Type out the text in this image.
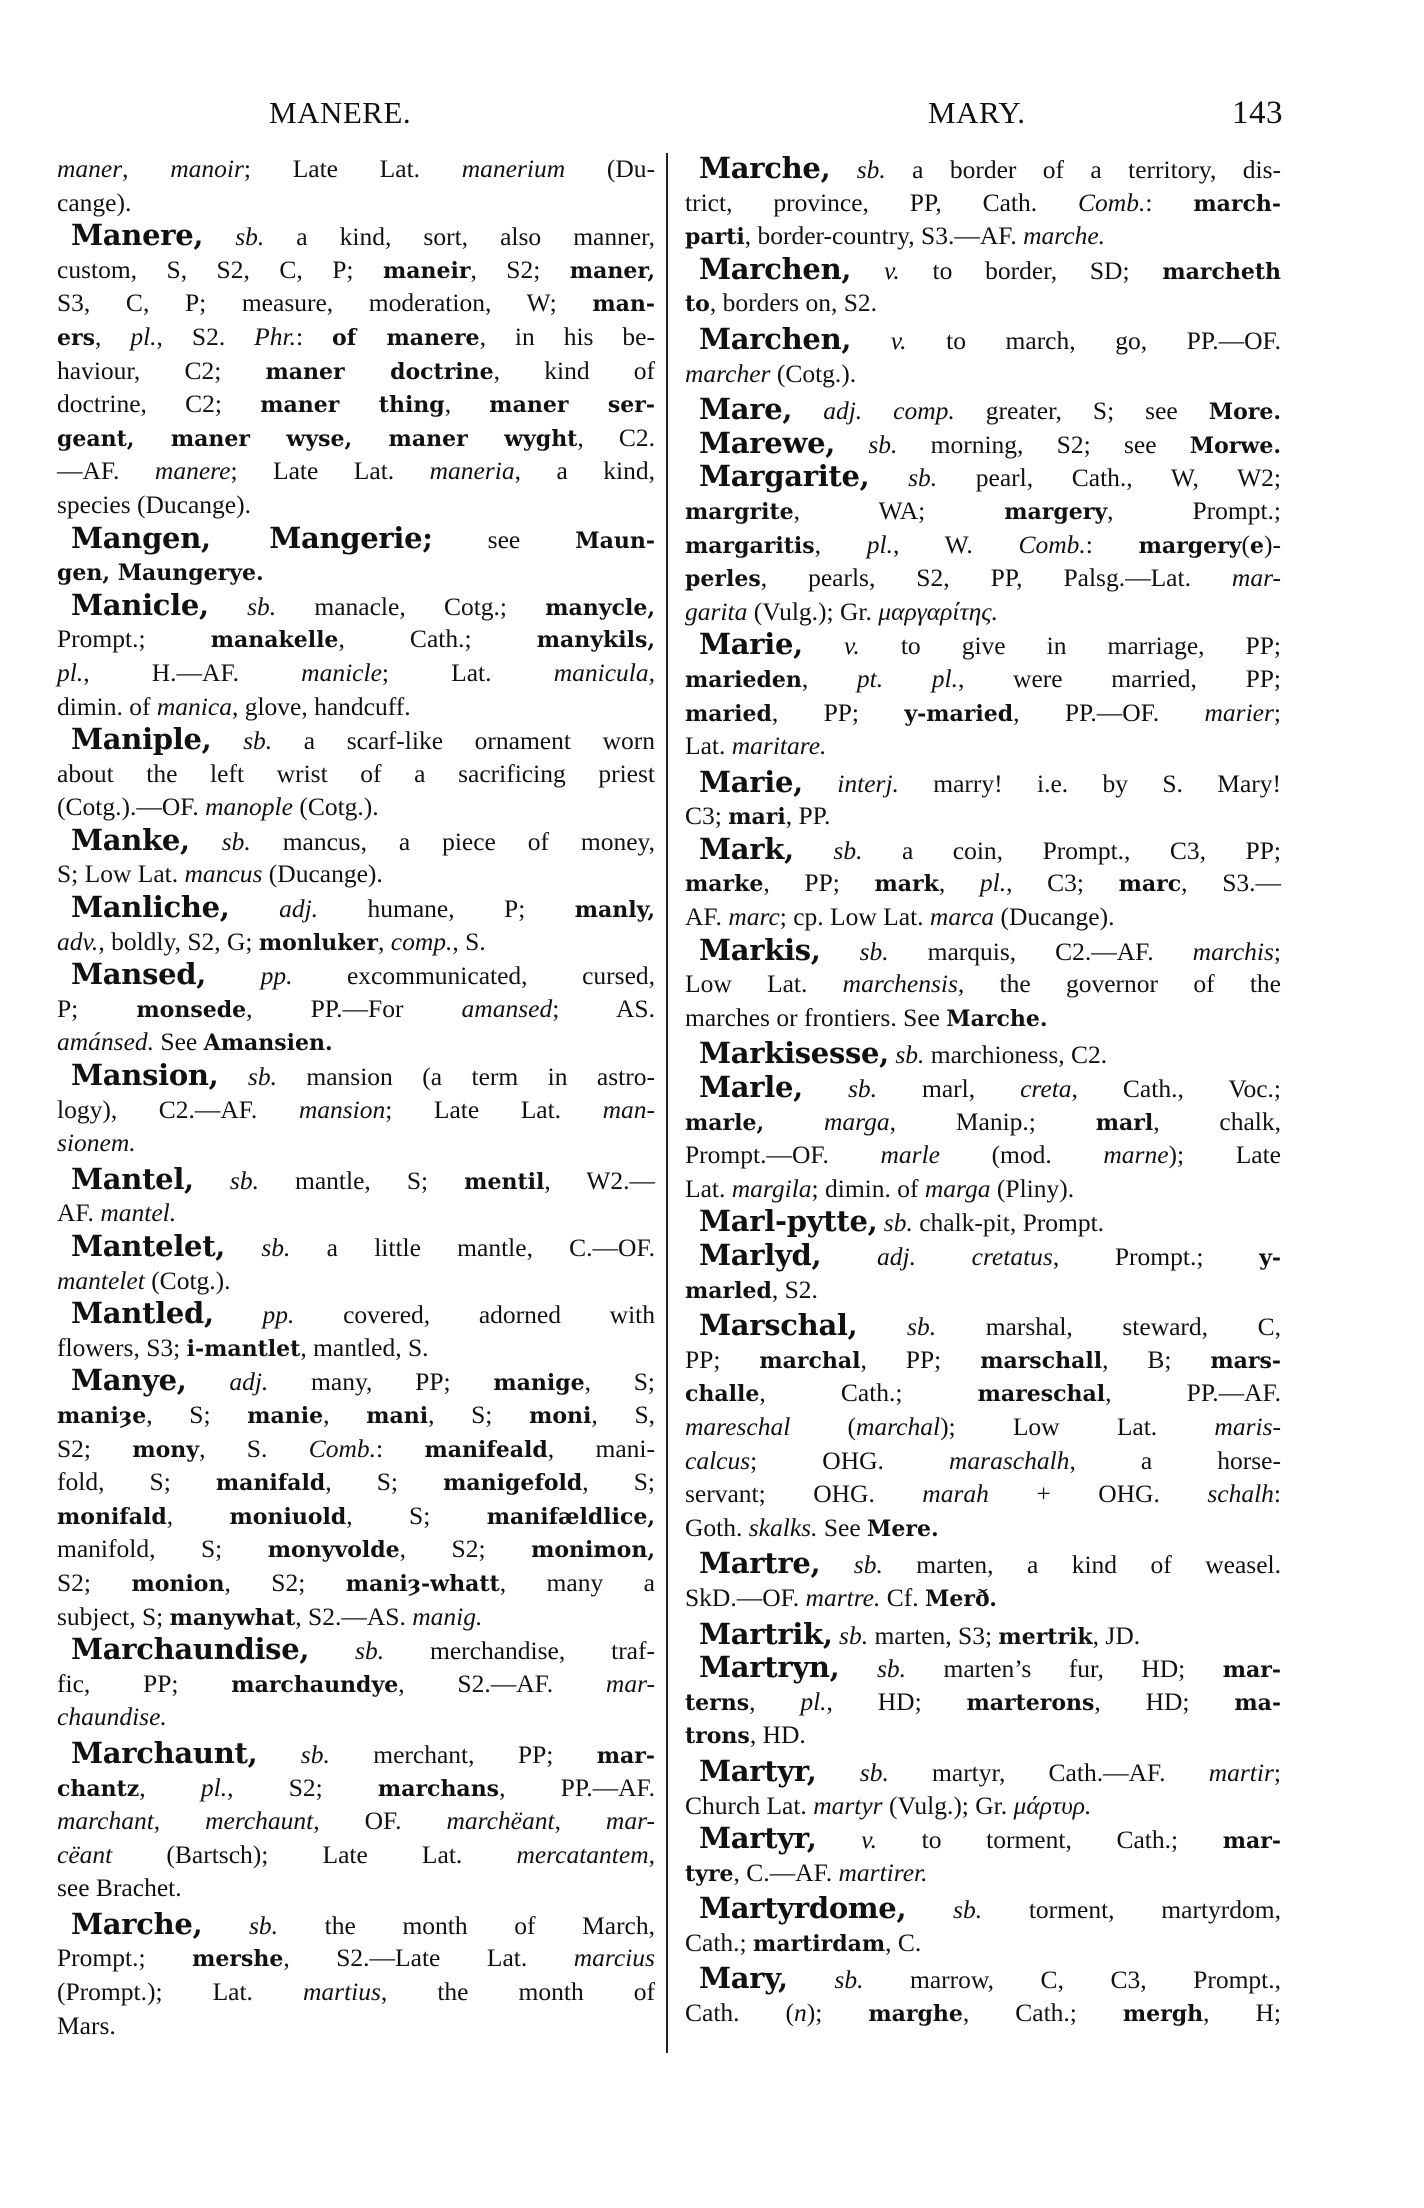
MANERE.	MARY.	143
maner, manoir; Late Lat. manerium (Du-
cange).
Manere, sb. a kind, sort, also manner,
custom, S, S2, C, P; maneir, S2; maner,
S3, C, P; measure, moderation, W; man-
ers, pl., S2. Phr.: of manere, in his be-
haviour, C2; maner doctrine, kind of
doctrine, C2; maner thing, maner ser-
geant, maner wyse, maner wyght, C2.
—AF. manere; Late Lat. maneria, a kind,
species (Ducange).
Mangen, Mangerie; see Maun-
gen, Maungerye.
Manicle, sb. manacle, Cotg.; manycle,
Prompt.; manakelle, Cath.; manykils,
pl., H.—AF. manicle; Lat. manicula,
dimin. of manica, glove, handcuff.
Maniple, sb. a scarf-like ornament worn
about the left wrist of a sacrificing priest
(Cotg.).—OF. manople (Cotg.).
Manke, sb. mancus, a piece of money,
S; Low Lat. mancus (Ducange).
Manliche, adj. humane, P; manly,
adv., boldly, S2, G; monluker, comp., S.
Mansed, pp. excommunicated, cursed,
P; monsede, PP.—For amansed; AS.
amánsed. See Amansien.
Mansion, sb. mansion (a term in astro-
logy), C2.—AF. mansion; Late Lat. man-
sionem.
Mantel, sb. mantle, S; mentil, W2.—
AF. mantel.
Mantelet, sb. a little mantle, C.—OF.
mantelet (Cotg.).
Mantled, pp. covered, adorned with
flowers, S3; i-mantlet, mantled, S.
Manye, adj. many, PP; manige, S;
maniȝe, S; manie, mani, S; moni, S,
S2; mony, S. Comb.: manifeald, mani-
fold, S; manifald, S; manigefold, S;
monifald, moniuold, S; manifældlice,
manifold, S; monyvolde, S2; monimon,
S2; monion, S2; maniȝ-whatt, many a
subject, S; manywhat, S2.—AS. manig.
Marchaundise, sb. merchandise, traf-
fic, PP; marchaundye, S2.—AF. mar-
chaundise.
Marchaunt, sb. merchant, PP; mar-
chantz, pl., S2; marchans, PP.—AF.
marchant, merchaunt, OF. marchëant, mar-
cëant (Bartsch); Late Lat. mercatantem,
see Brachet.
Marche, sb. the month of March,
Prompt.; mershe, S2.—Late Lat. marcius
(Prompt.); Lat. martius, the month of
Mars.
Marche, sb. a border of a territory, dis-
trict, province, PP, Cath. Comb.: march-
parti, border-country, S3.—AF. marche.
Marchen, v. to border, SD; marcheth
to, borders on, S2.
Marchen, v. to march, go, PP.—OF.
marcher (Cotg.).
Mare, adj. comp. greater, S; see More.
Marewe, sb. morning, S2; see Morwe.
Margarite, sb. pearl, Cath., W, W2;
margrite, WA; margery, Prompt.;
margaritis, pl., W. Comb.: margery(e)-
perles, pearls, S2, PP, Palsg.—Lat. mar-
garita (Vulg.); Gr. μαργαρίτης.
Marie, v. to give in marriage, PP;
marieden, pt. pl., were married, PP;
maried, PP; y-maried, PP.—OF. marier;
Lat. maritare.
Marie, interj. marry! i.e. by S. Mary!
C3; mari, PP.
Mark, sb. a coin, Prompt., C3, PP;
marke, PP; mark, pl., C3; marc, S3.—
AF. marc; cp. Low Lat. marca (Ducange).
Markis, sb. marquis, C2.—AF. marchis;
Low Lat. marchensis, the governor of the
marches or frontiers. See Marche.
Markisesse, sb. marchioness, C2.
Marle, sb. marl, creta, Cath., Voc.;
marle, marga, Manip.; marl, chalk,
Prompt.—OF. marle (mod. marne); Late
Lat. margila; dimin. of marga (Pliny).
Marl-pytte, sb. chalk-pit, Prompt.
Marlyd, adj. cretatus, Prompt.; y-
marled, S2.
Marschal, sb. marshal, steward, C,
PP; marchal, PP; marschall, B; mars-
challe, Cath.; mareschal, PP.—AF.
mareschal (marchal); Low Lat. maris-
calcus; OHG. maraschalh, a horse-
servant; OHG. marah + OHG. schalh:
Goth. skalks. See Mere.
Martre, sb. marten, a kind of weasel.
SkD.—OF. martre. Cf. Merð.
Martrik, sb. marten, S3; mertrik, JD.
Martryn, sb. marten’s fur, HD; mar-
terns, pl., HD; marterons, HD; ma-
trons, HD.
Martyr, sb. martyr, Cath.—AF. martir;
Church Lat. martyr (Vulg.); Gr. μάρτυρ.
Martyr, v. to torment, Cath.; mar-
tyre, C.—AF. martirer.
Martyrdome, sb. torment, martyrdom,
Cath.; martirdam, C.
Mary, sb. marrow, C, C3, Prompt.,
Cath. (n); marghe, Cath.; mergh, H;
